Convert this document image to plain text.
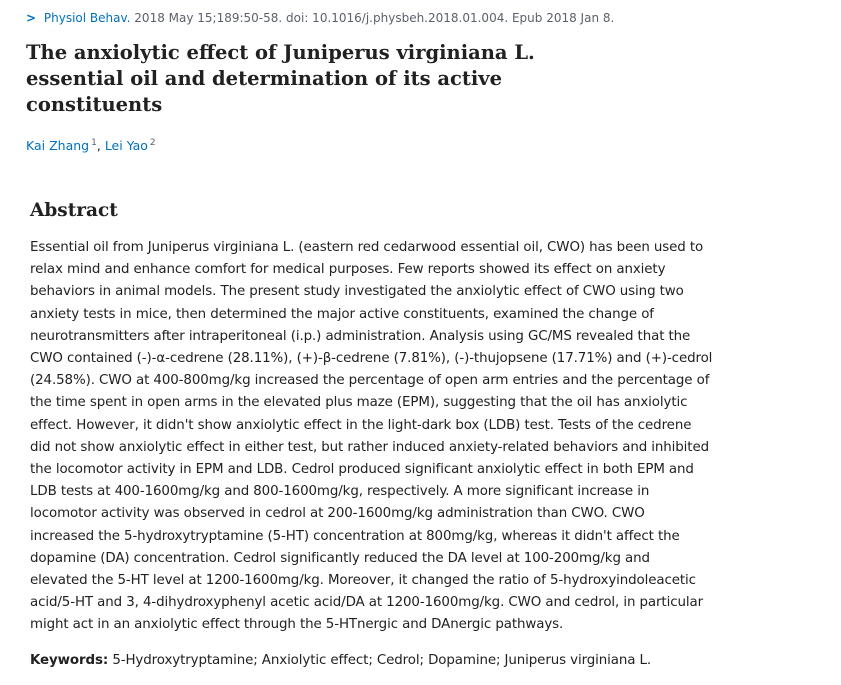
> Physiol Behav. 2018 May 15;189:50-58. doi: 10.1016/j.physbeh.2018.01.004. Epub 2018 Jan 8.
The anxiolytic effect of Juniperus virginiana L.
essential oil and determination of its active
constituents
Kai Zhang $^1$, Lei Yao $^2$
Abstract

Essential oil from Juniperus virginiana L. (eastern red cedarwood essential oil, CWO) has been used to
relax mind and enhance comfort for medical purposes. Few reports showed its effect on anxiety
behaviors in animal models. The present study investigated the anxiolytic effect of CWO using two
anxiety tests in mice, then determined the major active constituents, examined the change of
neurotransmitters after intraperitoneal (i.p.) administration. Analysis using GC/MS revealed that the
CWO contained (-)-α-cedrene (28.11%), (+)-β-cedrene (7.81%), (-)-thujopsene (17.71%) and (+)-cedrol
(24.58%). CWO at 400-800mg/kg increased the percentage of open arm entries and the percentage of
the time spent in open arms in the elevated plus maze (EPM), suggesting that the oil has anxiolytic
effect. However, it didn't show anxiolytic effect in the light-dark box (LDB) test. Tests of the cedrene
did not show anxiolytic effect in either test, but rather induced anxiety-related behaviors and inhibited
the locomotor activity in EPM and LDB. Cedrol produced significant anxiolytic effect in both EPM and
LDB tests at 400-1600mg/kg and 800-1600mg/kg, respectively. A more significant increase in
locomotor activity was observed in cedrol at 200-1600mg/kg administration than CWO. CWO
increased the 5-hydroxytryptamine (5-HT) concentration at 800mg/kg, whereas it didn't affect the
dopamine (DA) concentration. Cedrol significantly reduced the DA level at 100-200mg/kg and
elevated the 5-HT level at 1200-1600mg/kg. Moreover, it changed the ratio of 5-hydroxyindoleacetic
acid/5-HT and 3, 4-dihydroxyphenyl acetic acid/DA at 1200-1600mg/kg. CWO and cedrol, in particular
might act in an anxiolytic effect through the 5-HTnergic and DAnergic pathways.

Keywords: 5-Hydroxytryptamine; Anxiolytic effect; Cedrol; Dopamine; Juniperus virginiana L.
